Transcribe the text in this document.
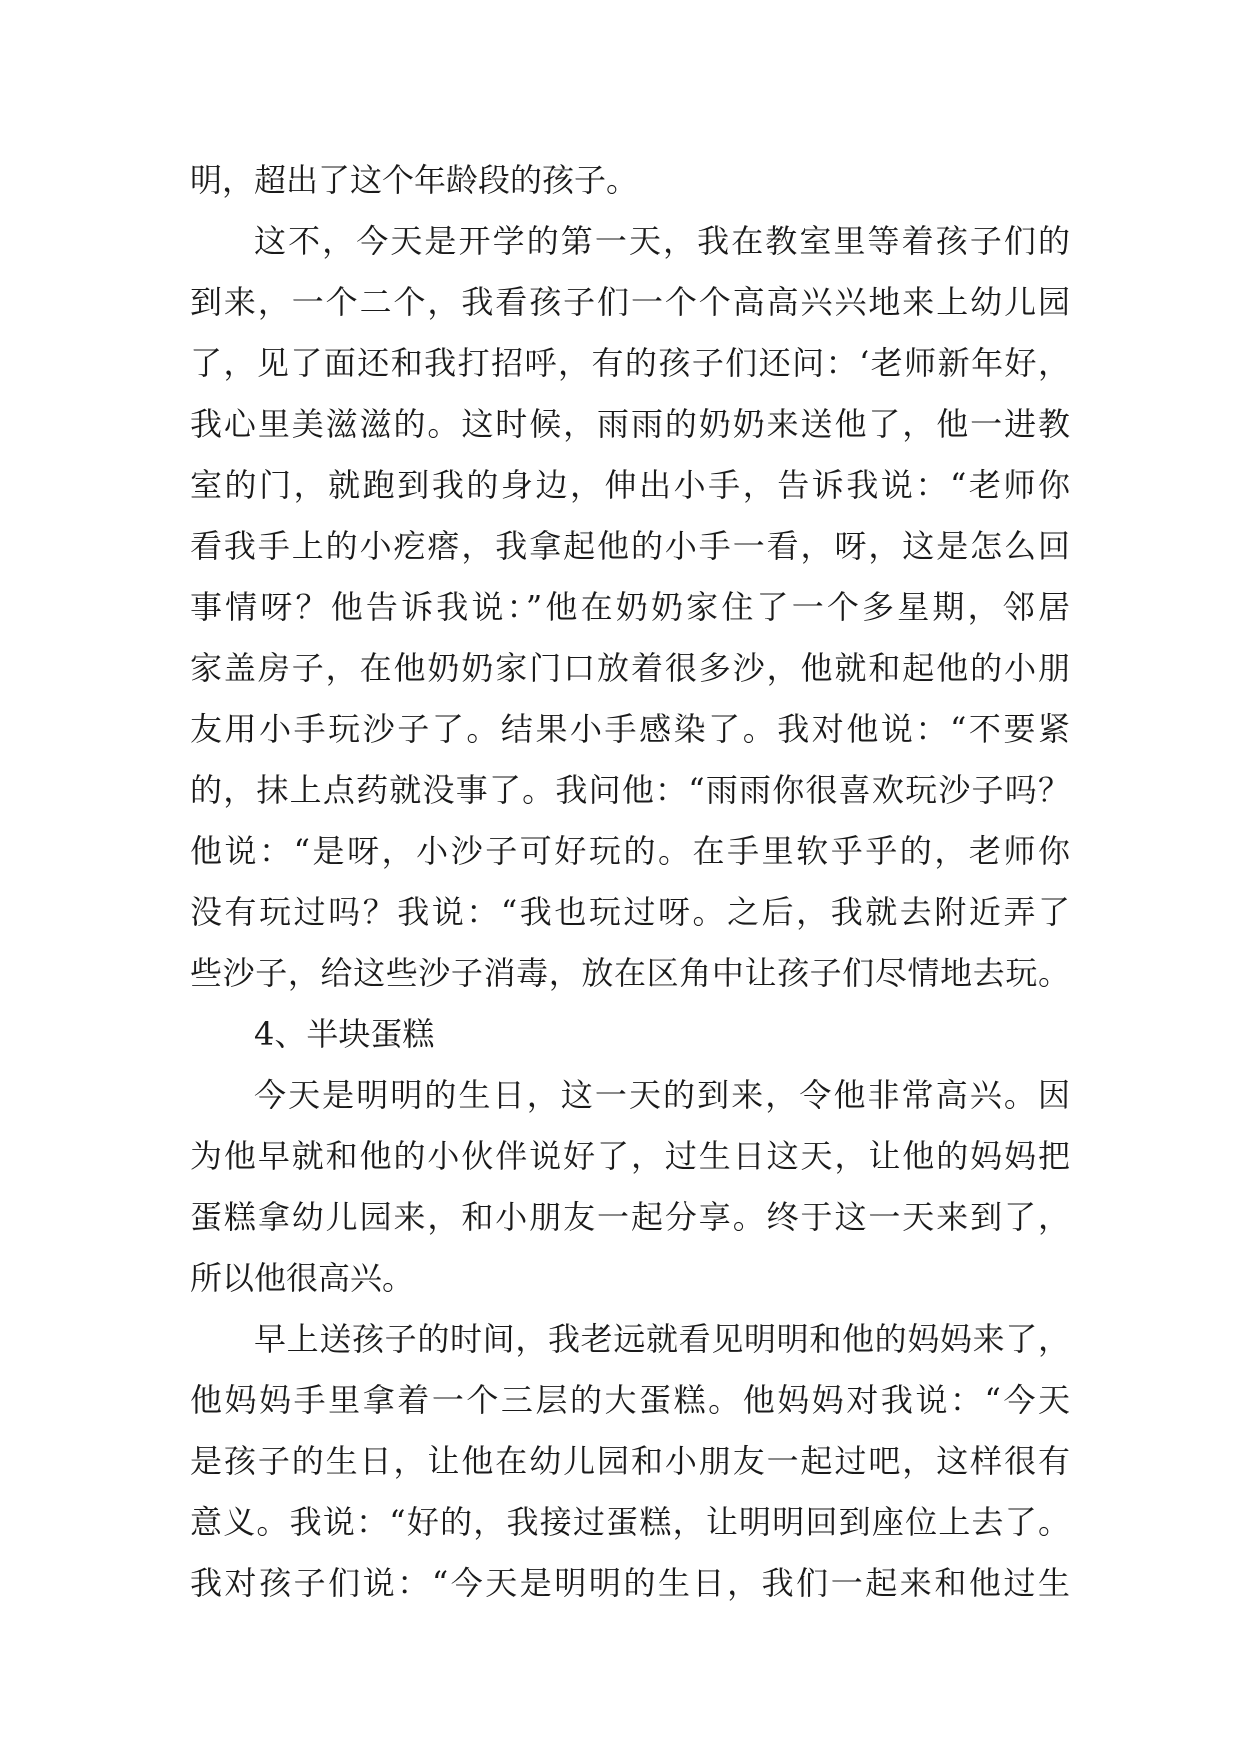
明，超出了这个年龄段的孩子。
这不，今天是开学的第一天，我在教室里等着孩子们的
到来，一个二个，我看孩子们一个个高高兴兴地来上幼儿园
了，见了面还和我打招呼，有的孩子们还问：‘老师新年好，
我心里美滋滋的。这时候，雨雨的奶奶来送他了，他一进教
室的门，就跑到我的身边，伸出小手，告诉我说：“老师你
看我手上的小疙瘩，我拿起他的小手一看，呀，这是怎么回
事情呀？他告诉我说：”他在奶奶家住了一个多星期，邻居
家盖房子，在他奶奶家门口放着很多沙，他就和起他的小朋
友用小手玩沙子了。结果小手感染了。我对他说：“不要紧
的，抹上点药就没事了。我问他：“雨雨你很喜欢玩沙子吗？
他说：“是呀，小沙子可好玩的。在手里软乎乎的，老师你
没有玩过吗？我说：“我也玩过呀。之后，我就去附近弄了
些沙子，给这些沙子消毒，放在区角中让孩子们尽情地去玩。
4、半块蛋糕
今天是明明的生日，这一天的到来，令他非常高兴。因
为他早就和他的小伙伴说好了，过生日这天，让他的妈妈把
蛋糕拿幼儿园来，和小朋友一起分享。终于这一天来到了，
所以他很高兴。
早上送孩子的时间，我老远就看见明明和他的妈妈来了，
他妈妈手里拿着一个三层的大蛋糕。他妈妈对我说：“今天
是孩子的生日，让他在幼儿园和小朋友一起过吧，这样很有
意义。我说：“好的，我接过蛋糕，让明明回到座位上去了。
我对孩子们说：“今天是明明的生日，我们一起来和他过生
